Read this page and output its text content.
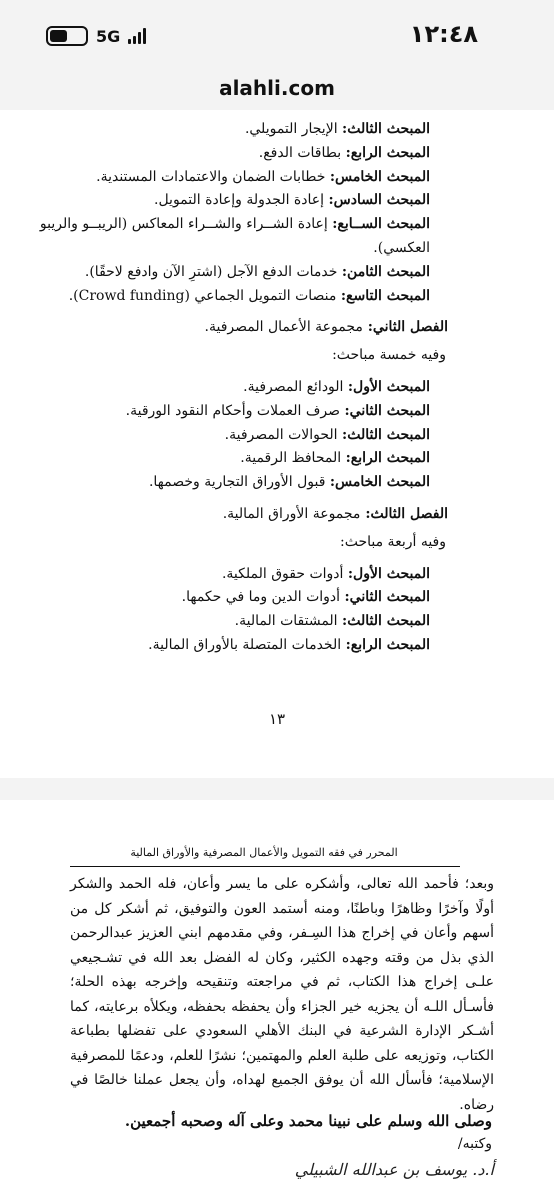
5G	١٢:٤٨
alahli.com
المبحث الثالث: الإيجار التمويلي.
المبحث الرابع: بطاقات الدفع.
المبحث الخامس: خطابات الضمان والاعتمادات المستندية.
المبحث السادس: إعادة الجدولة وإعادة التمويل.
المبحث الســابع: إعادة الشــراء والشــراء المعاكس (الريبــو والريبو العكسي).
المبحث الثامن: خدمات الدفع الآجل (اشترِ الآن وادفع لاحقًا).
المبحث التاسع: منصات التمويل الجماعي (Crowd funding).
الفصل الثاني: مجموعة الأعمال المصرفية.
وفيه خمسة مباحث:
المبحث الأول: الودائع المصرفية.
المبحث الثاني: صرف العملات وأحكام النقود الورقية.
المبحث الثالث: الحوالات المصرفية.
المبحث الرابع: المحافظ الرقمية.
المبحث الخامس: قبول الأوراق التجارية وخصمها.
الفصل الثالث: مجموعة الأوراق المالية.
وفيه أربعة مباحث:
المبحث الأول: أدوات حقوق الملكية.
المبحث الثاني: أدوات الدين وما في حكمها.
المبحث الثالث: المشتقات المالية.
المبحث الرابع: الخدمات المتصلة بالأوراق المالية.
١٣
المحرر في فقه التمويل والأعمال المصرفية والأوراق المالية
وبعد؛ فأحمد الله تعالى، وأشكره على ما يسر وأعان، فله الحمد والشكر أولًا وآخرًا وظاهرًا وباطنًا، ومنه أستمد العون والتوفيق، ثم أشكر كل من أسهم وأعان في إخراج هذا السِـفر، وفي مقدمهم ابني العزيز عبدالرحمن الذي بذل من وقته وجهده الكثير، وكان له الفضل بعد الله في تشـجيعي علـى إخراج هذا الكتاب، ثم في مراجعته وتنقيحه وإخرجه بهذه الحلة؛ فأسـأل اللـه أن يجزيه خير الجزاء وأن يحفظه بحفظه، ويكلأه برعايته، كما أشـكر الإدارة الشرعية في البنك الأهلي السعودي على تفضلها بطباعة الكتاب، وتوزيعه على طلبة العلم والمهتمين؛ نشرًا للعلم، ودعمًا للمصرفية الإسلامية؛ فأسأل الله أن يوفق الجميع لهداه، وأن يجعل عملنا خالصًا في رضاه.
وصلى الله وسلم على نبينا محمد وعلى آله وصحبه أجمعين.
وكتبه/
أ.د. يوسف بن عبدالله الشبيلي
